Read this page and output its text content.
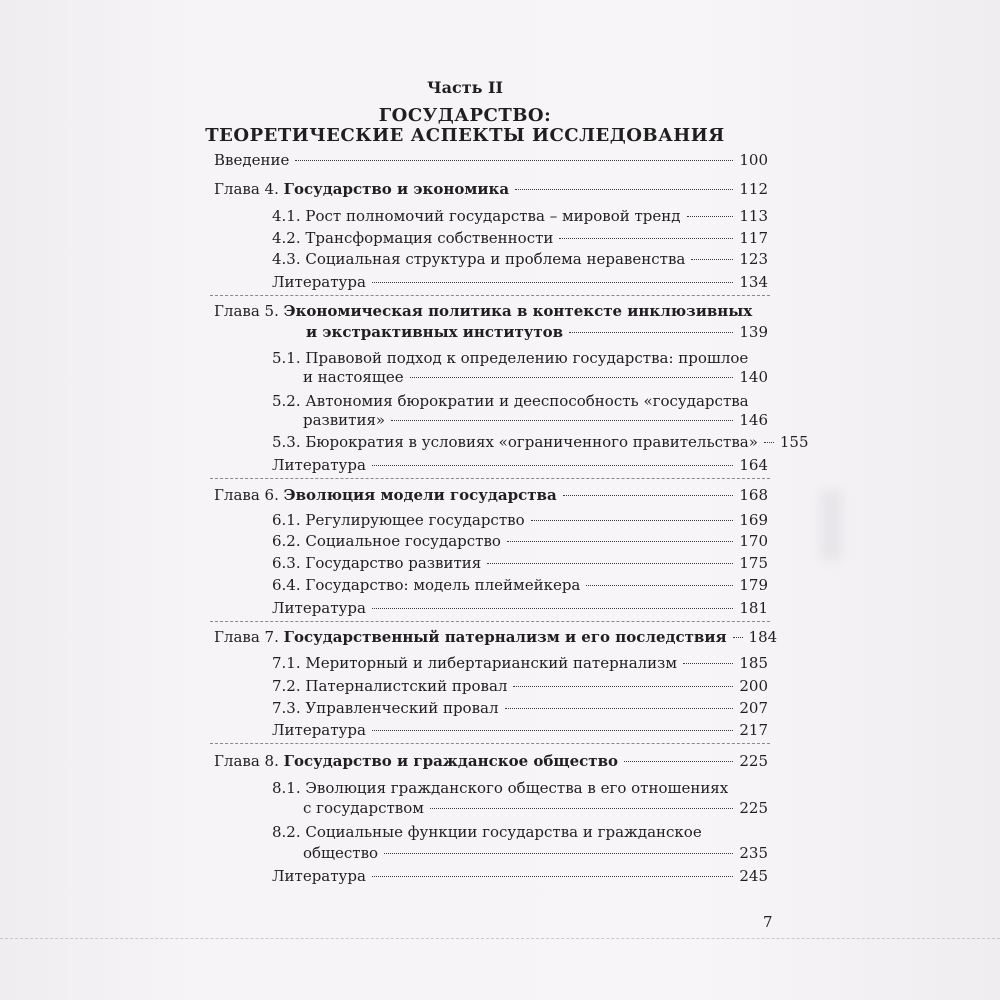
Часть II
ГОСУДАРСТВО:
ТЕОРЕТИЧЕСКИЕ АСПЕКТЫ ИССЛЕДОВАНИЯ
Введение	100
Глава 4. Государство и экономика	112
4.1. Рост полномочий государства – мировой тренд	113
4.2. Трансформация собственности	117
4.3. Социальная структура и проблема неравенства	123
Литература	134
Глава 5. Экономическая политика в контексте инклюзивных
и экстрактивных институтов	139
5.1. Правовой подход к определению государства: прошлое
и настоящее	140
5.2. Автономия бюрократии и дееспособность «государства
развития»	146
5.3. Бюрократия в условиях «ограниченного правительства» 155
Литература	164
Глава 6. Эволюция модели государства	168
6.1. Регулирующее государство	169
6.2. Социальное государство	170
6.3. Государство развития	175
6.4. Государство: модель плеймейкера	179
Литература	181
Глава 7. Государственный патернализм и его последствия 184
7.1. Мериторный и либертарианский патернализм	185
7.2. Патерналистский провал	200
7.3. Управленческий провал	207
Литература	217
Глава 8. Государство и гражданское общество	225
8.1. Эволюция гражданского общества в его отношениях
с государством	225
8.2. Социальные функции государства и гражданское
общество	235
Литература	245
7
